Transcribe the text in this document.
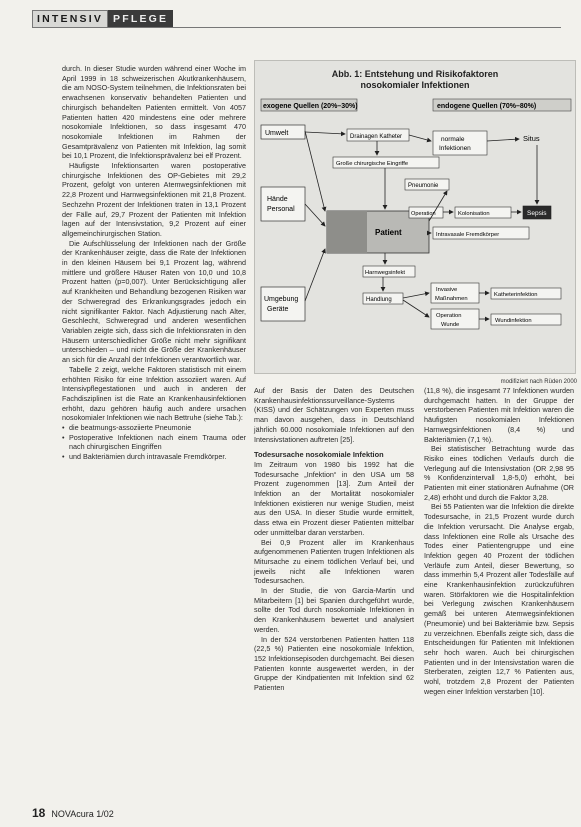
INTENSIV PFLEGE

durch. In dieser Studie wurden während einer Woche im April 1999 in 18 schweizerischen Akutkrankenhäusern, die am NOSO-System teilnehmen, die Infektionsraten bei erwachsenen konservativ behandelten Patienten und chirurgisch behandelten Patienten ermittelt. Von 4057 Patienten hatten 420 mindestens eine oder mehrere nosokomiale Infektionen, so dass insgesamt 470 nosokomiale Infektionen im Rahmen der Gesamtprävalenz von Patienten mit Infektion, lag somit bei 10,1 Prozent, die Infektionsprävalenz bei elf Prozent.

Häufigste Infektionsarten waren postoperative chirurgische Infektionen des OP-Gebietes mit 29,2 Prozent, gefolgt von unteren Atemwegsinfektionen mit 22,8 Prozent und Harnwegsinfektionen mit 21,8 Prozent. Sechzehn Prozent der Infektionen traten in 13,1 Prozent der Fälle auf, 29,7 Prozent der Patienten mit Infektion lagen auf der Intensivstation, 9,2 Prozent auf einer allgemeinchirurgischen Station.

Die Aufschlüsselung der Infektionen nach der Größe der Krankenhäuser zeigte, dass die Rate der Infektionen in den kleinen Häusern bei 9,1 Prozent lag, während mittlere und größere Häuser Raten von 10,0 und 10,8 Prozent hatten (p=0,007). Unter Berücksichtigung aller auf Krankheiten und Behandlung bezogenen Risiken war der Schweregrad des Erkrankungsgrades jedoch ein nicht signifikanter Faktor. Nach Adjustierung nach Alter, Geschlecht, Schweregrad und anderen wesentlichen Variablen zeigte sich, dass sich die Infektionsraten in den Häusern unterschiedlicher Größe nicht mehr signifikant unterschieden – und nicht die Größe der Krankenhäuser an sich für die Anzahl der Infektionen verantwortlich war.

Tabelle 2 zeigt, welche Faktoren statistisch mit einem erhöhten Risiko für eine Infektion assoziiert waren. Auf Intensivpflegestationen und auch in anderen der Fachdisziplinen ist die Rate an Krankenhausinfektionen erhöht, dazu gehören häufig auch andere ursachen nosokomialer Infektionen wie nach Bettruhe (siehe Tab.):

• die beatmungs-assoziierte Pneumonie
• Postoperative Infektionen nach einem Trauma oder nach chirurgischen Eingriffen
• und Bakteriämien durch intravasale Fremdkörper.
Abb. 1: Entstehung und Risikofaktoren
nosokomialer Infektionen
exogene Quellen (20%–30%)	endogene Quellen (70%–80%)
Umwelt
Hände
Personal
Umgebung
Geräte
Patient
Drainagen Katheter
Große chirurgische Eingriffe
normale
Infektionen
Situs
Pneumonie
Operation	Kolonisation	Sepsis
Intravasale Fremdkörper
Harnwegsinfekt
Handlung
Invasive
Maßnahmen
Operation
Wunde
Katheterinfektion
Wundinfektion
modifiziert nach Rüden 2000

Auf der Basis der Daten des Deutschen Krankenhausinfektionssurveillance-Systems (KISS) und der Schätzungen von Experten muss man davon ausgehen, dass in Deutschland jährlich 60.000 nosokomiale Infektionen auf den Intensivstationen auftreten [25].

Todesursache nosokomiale Infektion

Im Zeitraum von 1980 bis 1992 hat die Todesursache „Infektion“ in den USA um 58 Prozent zugenommen [13]. Zum Anteil der Infektion an der Mortalität nosokomialer Infektionen existieren nur wenige Studien, meist aus den USA. In dieser Studie wurde ermittelt, dass etwa ein Prozent dieser Patienten mittelbar oder unmittelbar daran verstarben.

Bei 0,9 Prozent aller im Krankenhaus aufgenommenen Patienten trugen Infektionen als Mitursache zu einem tödlichen Verlauf bei, und jeweils nicht alle Infektionen waren Todesursachen.

In der Studie, die von Garcia-Martin und Mitarbeitern [1] bei Spanien durchgeführt wurde, sollte der Tod durch nosokomiale Infektionen in den Krankenhäusern bewertet und analysiert werden.

In der 524 verstorbenen Patienten hatten 118 (22,5 %) Patienten eine nosokomiale Infektion, 152 Infektionsepisoden durchgemacht. Bei diesen Patienten konnte ausgewertet werden, in der Gruppe der Kindpatienten mit Infektion sind 62 Patienten

(11,8 %), die insgesamt 77 Infektionen wurden durchgemacht hatten. In der Gruppe der verstorbenen Patienten mit Infektion waren die häufigsten nosokomialen Infektionen Harnwegsinfektionen (8,4 %) und Bakteriämien (7,1 %).

Bei statistischer Betrachtung wurde das Risiko eines tödlichen Verlaufs durch die Verlegung auf die Intensivstation (OR 2,98 95 % Konfidenzintervall 1,8-5,0) erhöht, bei Patienten mit einer stationären Aufnahme (OR 2,48) erhöht und durch die Faktor 3,28.

Bei 55 Patienten war die Infektion die direkte Todesursache, in 21,5 Prozent wurde durch die Infektion verursacht. Die Analyse ergab, dass Infektionen eine Rolle als Ursache des Todes einer Patientengruppe und eine Infektion gegen 40 Prozent der tödlichen Verläufe zum Anteil, dieser Bewertung, so dass immerhin 5,4 Prozent aller Todesfälle auf eine Krankenhausinfektion zurückzuführen waren. Störfaktoren wie die Hospitalinfektion bei Verlegung zwischen Krankenhäusern gemäß bei unteren Atemwegsinfektionen (Pneumonie) und bei Bakteriämie bzw. Sepsis zu verzeichnen. Ebenfalls zeigte sich, dass die Entscheidungen für Patienten mit Infektionen sehr hoch waren. Auch bei chirurgischen Patienten und in der Intensivstation waren die Sterberaten, zeigten 12,7 % Patienten aus, wohl, trotzdem 2,8 Prozent der Patienten wegen einer Infektion verstarben [10].

18 NOVAcura 1/02
